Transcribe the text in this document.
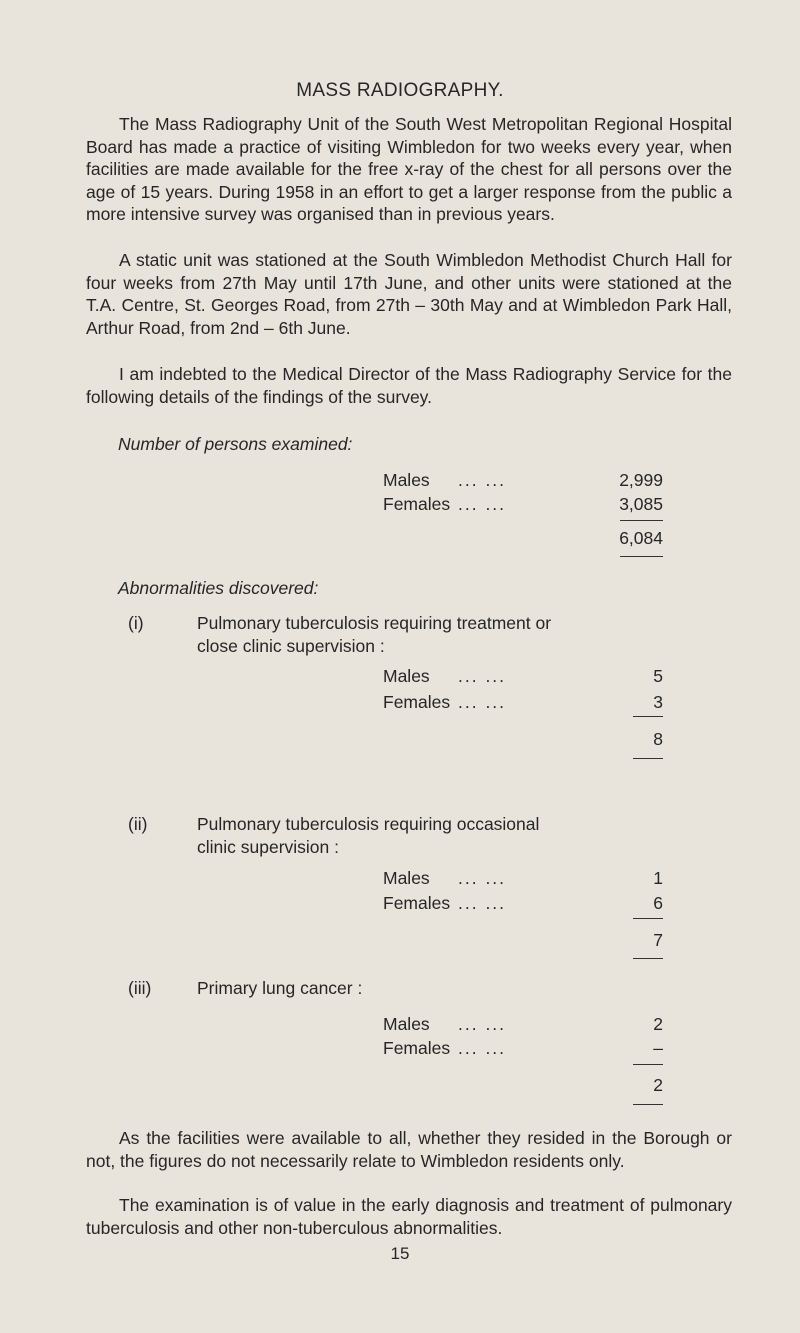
MASS RADIOGRAPHY.
The Mass Radiography Unit of the South West Metropolitan Regional Hospital Board has made a practice of visiting Wimbledon for two weeks every year, when facilities are made available for the free x-ray of the chest for all persons over the age of 15 years. During 1958 in an effort to get a larger response from the public a more intensive survey was organised than in previous years.
A static unit was stationed at the South Wimbledon Methodist Church Hall for four weeks from 27th May until 17th June, and other units were stationed at the T.A. Centre, St. Georges Road, from 27th – 30th May and at Wimbledon Park Hall, Arthur Road, from 2nd – 6th June.
I am indebted to the Medical Director of the Mass Radiography Service for the following details of the findings of the survey.
Number of persons examined:
Males	... ...	2,999
Females ... ...	3,085
6,084
Abnormalities discovered:
(i)	Pulmonary tuberculosis requiring treatment or close clinic supervision :
Males	... ...	5
Females ... ...	3
8
(ii)	Pulmonary tuberculosis requiring occasional clinic supervision :
Males	... ...	1
Females ... ...	6
7
(iii)	Primary lung cancer :
Males	... ...	2
Females ... ...	–
2
As the facilities were available to all, whether they resided in the Borough or not, the figures do not necessarily relate to Wimbledon residents only.
The examination is of value in the early diagnosis and treatment of pulmonary tuberculosis and other non-tuberculous abnormalities.
15
